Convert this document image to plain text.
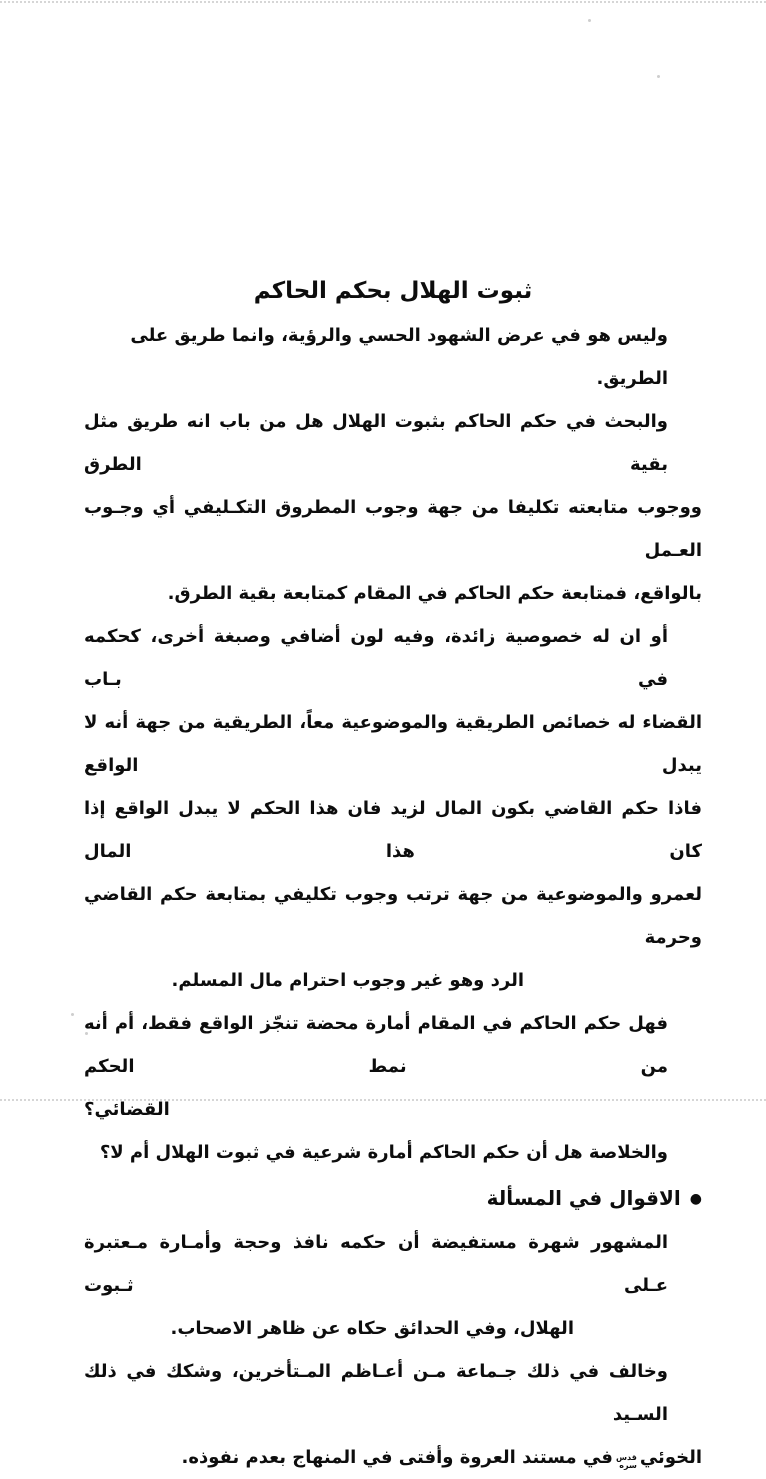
ثبوت الهلال بحكم الحاكم
وليس هو في عرض الشهود الحسي والرؤية، وانما طريق على الطريق.
والبحث في حكم الحاكم بثبوت الهلال هل من باب انه طريق مثل بقية الطرق
ووجوب متابعته تكليفا من جهة وجوب المطروق التكـليفي أي وجـوب العـمل
بالواقع، فمتابعة حكم الحاكم في المقام كمتابعة بقية الطرق.
أو ان له خصوصية زائدة، وفيه لون أضافي وصبغة أخرى، كحكمه في بـاب
القضاء له خصائص الطريقية والموضوعية معاً، الطريقية من جهة أنه لا يبدل الواقع
فاذا حكم القاضي بكون المال لزيد فان هذا الحكم لا يبدل الواقع إذا كان هذا المال
لعمرو والموضوعية من جهة ترتب وجوب تكليفي بمتابعة حكم القاضي وحرمة
الرد وهو غير وجوب احترام مال المسلم.
فهل حكم الحاكم في المقام أمارة محضة تنجّز الواقع فقط، أم أنه من نمط الحكم
القضائي؟
والخلاصة هل أن حكم الحاكم أمارة شرعية في ثبوت الهلال أم لا؟
●الاقوال في المسألة
المشهور شهرة مستفيضة أن حكمه نافذ وحجة وأمـارة مـعتبرة عـلى ثـبوت
الهلال، وفي الحدائق حكاه عن ظاهر الاصحاب.
وخالف في ذلك جـماعة مـن أعـاظم المـتأخرين، وشكك في ذلك السـيد
الخوئي
قدس
سره
في مستند العروة وأفتى في المنهاج بعدم نفوذه.
